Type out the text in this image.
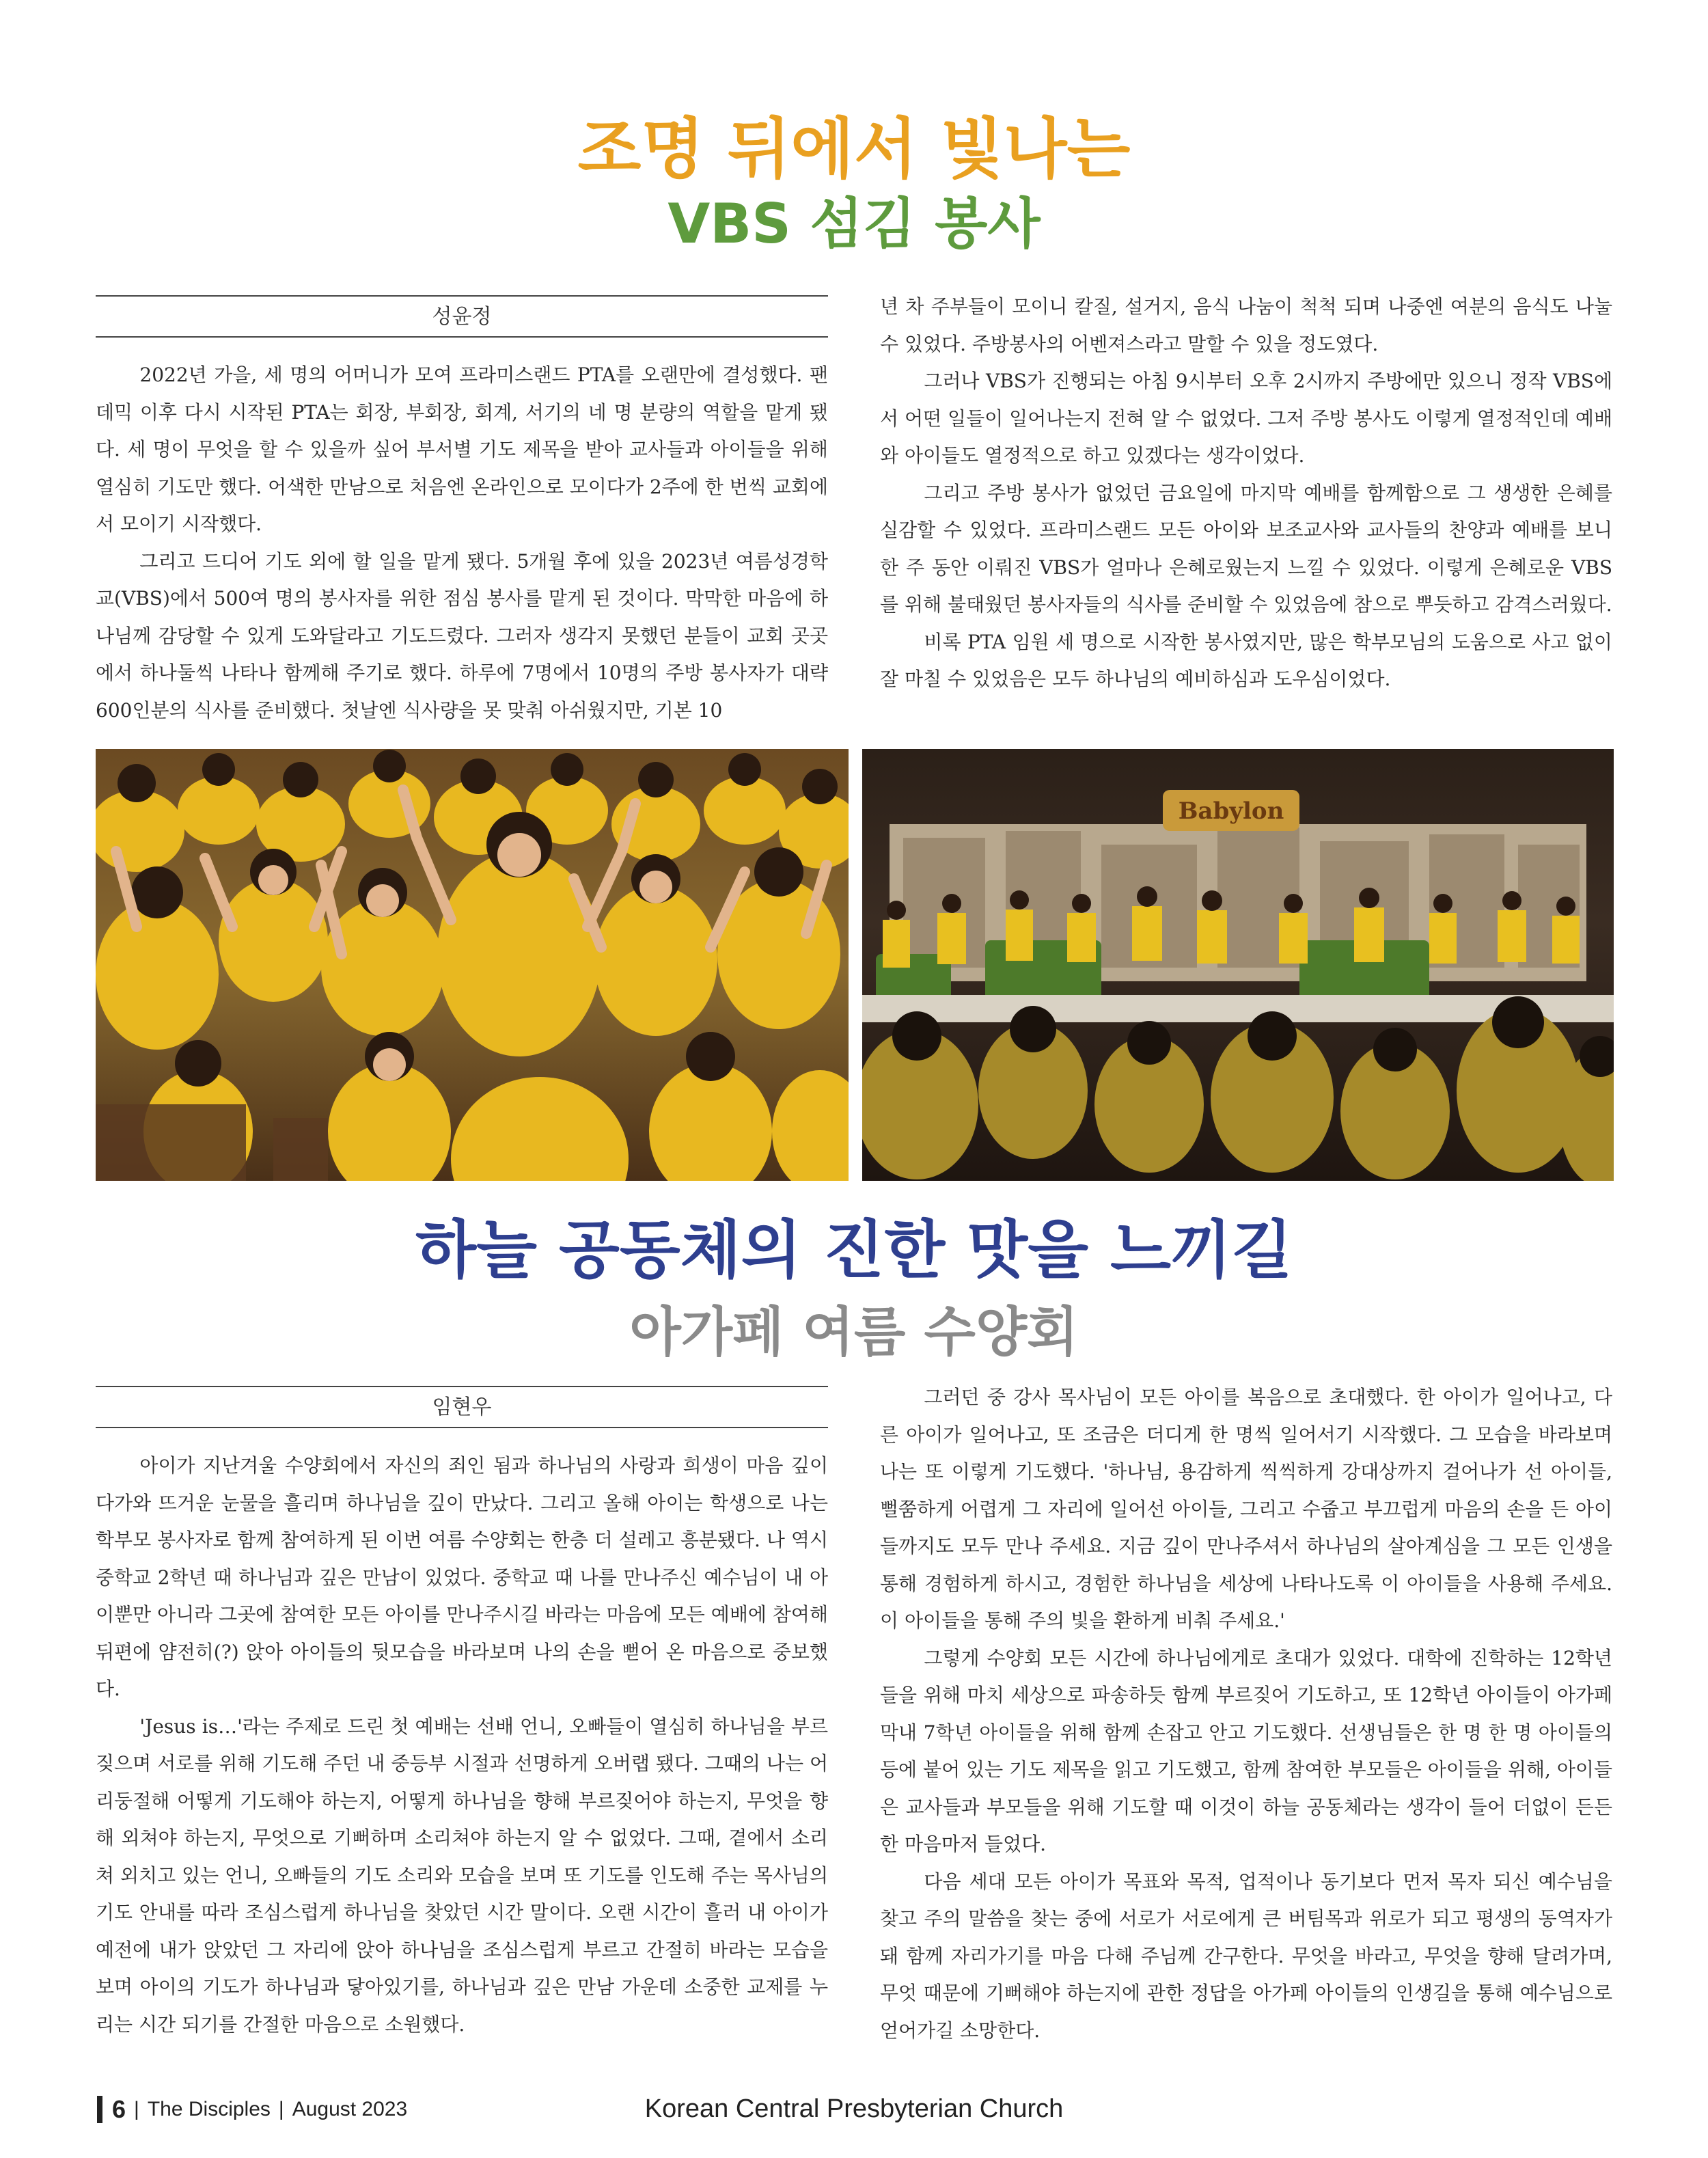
조명 뒤에서 빛나는
VBS 섬김 봉사
성윤정

2022년 가을, 세 명의 어머니가 모여 프라미스랜드 PTA를 오랜만에 결성했다. 팬데믹 이후 다시 시작된 PTA는 회장, 부회장, 회계, 서기의 네 명 분량의 역할을 맡게 됐다. 세 명이 무엇을 할 수 있을까 싶어 부서별 기도 제목을 받아 교사들과 아이들을 위해 열심히 기도만 했다. 어색한 만남으로 처음엔 온라인으로 모이다가 2주에 한 번씩 교회에서 모이기 시작했다.

그리고 드디어 기도 외에 할 일을 맡게 됐다. 5개월 후에 있을 2023년 여름성경학교(VBS)에서 500여 명의 봉사자를 위한 점심 봉사를 맡게 된 것이다. 막막한 마음에 하나님께 감당할 수 있게 도와달라고 기도드렸다. 그러자 생각지 못했던 분들이 교회 곳곳에서 하나둘씩 나타나 함께해 주기로 했다. 하루에 7명에서 10명의 주방 봉사자가 대략 600인분의 식사를 준비했다. 첫날엔 식사량을 못 맞춰 아쉬웠지만, 기본 10

년 차 주부들이 모이니 칼질, 설거지, 음식 나눔이 척척 되며 나중엔 여분의 음식도 나눌 수 있었다. 주방봉사의 어벤져스라고 말할 수 있을 정도였다.

그러나 VBS가 진행되는 아침 9시부터 오후 2시까지 주방에만 있으니 정작 VBS에서 어떤 일들이 일어나는지 전혀 알 수 없었다. 그저 주방 봉사도 이렇게 열정적인데 예배와 아이들도 열정적으로 하고 있겠다는 생각이었다.

그리고 주방 봉사가 없었던 금요일에 마지막 예배를 함께함으로 그 생생한 은혜를 실감할 수 있었다. 프라미스랜드 모든 아이와 보조교사와 교사들의 찬양과 예배를 보니 한 주 동안 이뤄진 VBS가 얼마나 은혜로웠는지 느낄 수 있었다. 이렇게 은혜로운 VBS를 위해 불태웠던 봉사자들의 식사를 준비할 수 있었음에 참으로 뿌듯하고 감격스러웠다.

비록 PTA 임원 세 명으로 시작한 봉사였지만, 많은 학부모님의 도움으로 사고 없이 잘 마칠 수 있었음은 모두 하나님의 예비하심과 도우심이었다.

Babylon
하늘 공동체의 진한 맛을 느끼길
아가페 여름 수양회
임현우

아이가 지난겨울 수양회에서 자신의 죄인 됨과 하나님의 사랑과 희생이 마음 깊이 다가와 뜨거운 눈물을 흘리며 하나님을 깊이 만났다. 그리고 올해 아이는 학생으로 나는 학부모 봉사자로 함께 참여하게 된 이번 여름 수양회는 한층 더 설레고 흥분됐다. 나 역시 중학교 2학년 때 하나님과 깊은 만남이 있었다. 중학교 때 나를 만나주신 예수님이 내 아이뿐만 아니라 그곳에 참여한 모든 아이를 만나주시길 바라는 마음에 모든 예배에 참여해 뒤편에 얌전히(?) 앉아 아이들의 뒷모습을 바라보며 나의 손을 뻗어 온 마음으로 중보했다.

'Jesus is…'라는 주제로 드린 첫 예배는 선배 언니, 오빠들이 열심히 하나님을 부르짖으며 서로를 위해 기도해 주던 내 중등부 시절과 선명하게 오버랩 됐다. 그때의 나는 어리둥절해 어떻게 기도해야 하는지, 어떻게 하나님을 향해 부르짖어야 하는지, 무엇을 향해 외쳐야 하는지, 무엇으로 기뻐하며 소리쳐야 하는지 알 수 없었다. 그때, 곁에서 소리쳐 외치고 있는 언니, 오빠들의 기도 소리와 모습을 보며 또 기도를 인도해 주는 목사님의 기도 안내를 따라 조심스럽게 하나님을 찾았던 시간 말이다. 오랜 시간이 흘러 내 아이가 예전에 내가 앉았던 그 자리에 앉아 하나님을 조심스럽게 부르고 간절히 바라는 모습을 보며 아이의 기도가 하나님과 닿아있기를, 하나님과 깊은 만남 가운데 소중한 교제를 누리는 시간 되기를 간절한 마음으로 소원했다.

그러던 중 강사 목사님이 모든 아이를 복음으로 초대했다. 한 아이가 일어나고, 다른 아이가 일어나고, 또 조금은 더디게 한 명씩 일어서기 시작했다. 그 모습을 바라보며 나는 또 이렇게 기도했다. '하나님, 용감하게 씩씩하게 강대상까지 걸어나가 선 아이들, 뻘쭘하게 어렵게 그 자리에 일어선 아이들, 그리고 수줍고 부끄럽게 마음의 손을 든 아이들까지도 모두 만나 주세요. 지금 깊이 만나주셔서 하나님의 살아계심을 그 모든 인생을 통해 경험하게 하시고, 경험한 하나님을 세상에 나타나도록 이 아이들을 사용해 주세요. 이 아이들을 통해 주의 빛을 환하게 비춰 주세요.'

그렇게 수양회 모든 시간에 하나님에게로 초대가 있었다. 대학에 진학하는 12학년들을 위해 마치 세상으로 파송하듯 함께 부르짖어 기도하고, 또 12학년 아이들이 아가페 막내 7학년 아이들을 위해 함께 손잡고 안고 기도했다. 선생님들은 한 명 한 명 아이들의 등에 붙어 있는 기도 제목을 읽고 기도했고, 함께 참여한 부모들은 아이들을 위해, 아이들은 교사들과 부모들을 위해 기도할 때 이것이 하늘 공동체라는 생각이 들어 더없이 든든한 마음마저 들었다.

다음 세대 모든 아이가 목표와 목적, 업적이나 동기보다 먼저 목자 되신 예수님을 찾고 주의 말씀을 찾는 중에 서로가 서로에게 큰 버팀목과 위로가 되고 평생의 동역자가 돼 함께 자리가기를 마음 다해 주님께 간구한다. 무엇을 바라고, 무엇을 향해 달려가며, 무엇 때문에 기뻐해야 하는지에 관한 정답을 아가페 아이들의 인생길을 통해 예수님으로 얻어가길 소망한다.

6 | The Disciples | August 2023	Korean Central Presbyterian Church
